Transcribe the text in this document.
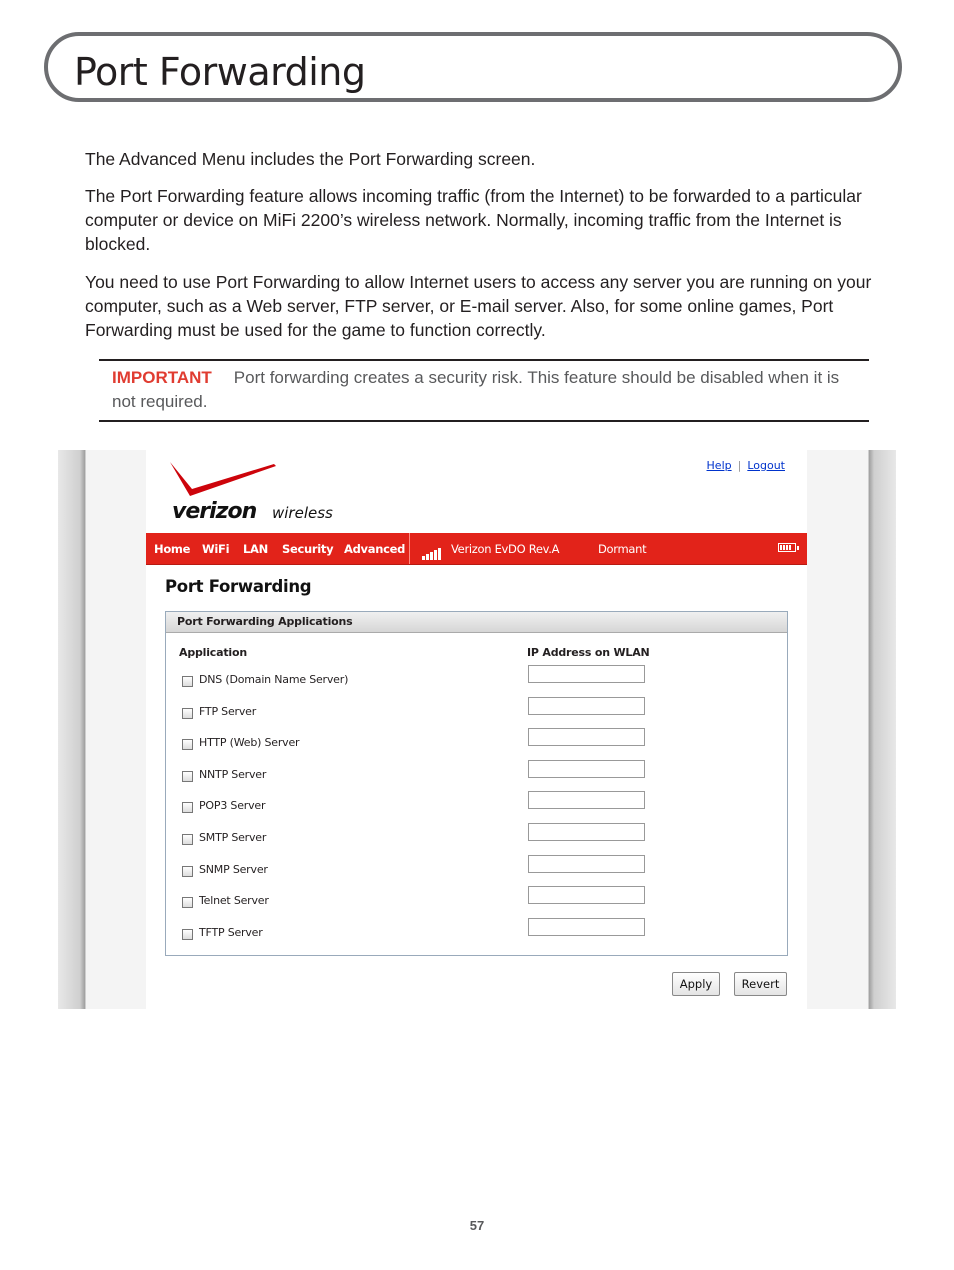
Port Forwarding

The Advanced Menu includes the Port Forwarding screen.

The Port Forwarding feature allows incoming traffic (from the Internet) to be forwarded to a particular computer or device on MiFi 2200’s wireless network. Normally, incoming traffic from the Internet is blocked.

You need to use Port Forwarding to allow Internet users to access any server you are running on your computer, such as a Web server, FTP server, or E-mail server. Also, for some online games, Port Forwarding must be used for the game to function correctly.

IMPORTANT Port forwarding creates a security risk. This feature should be disabled when it is not required.
verizon wireless
Help | Logout
Home WiFi LAN Security Advanced	Verizon EvDO Rev.A	Dormant
Port Forwarding
Port Forwarding Applications
Application	IP Address on WLAN
DNS (Domain Name Server)
FTP Server
HTTP (Web) Server
NNTP Server
POP3 Server
SMTP Server
SNMP Server
Telnet Server
TFTP Server
Apply	Revert
57
